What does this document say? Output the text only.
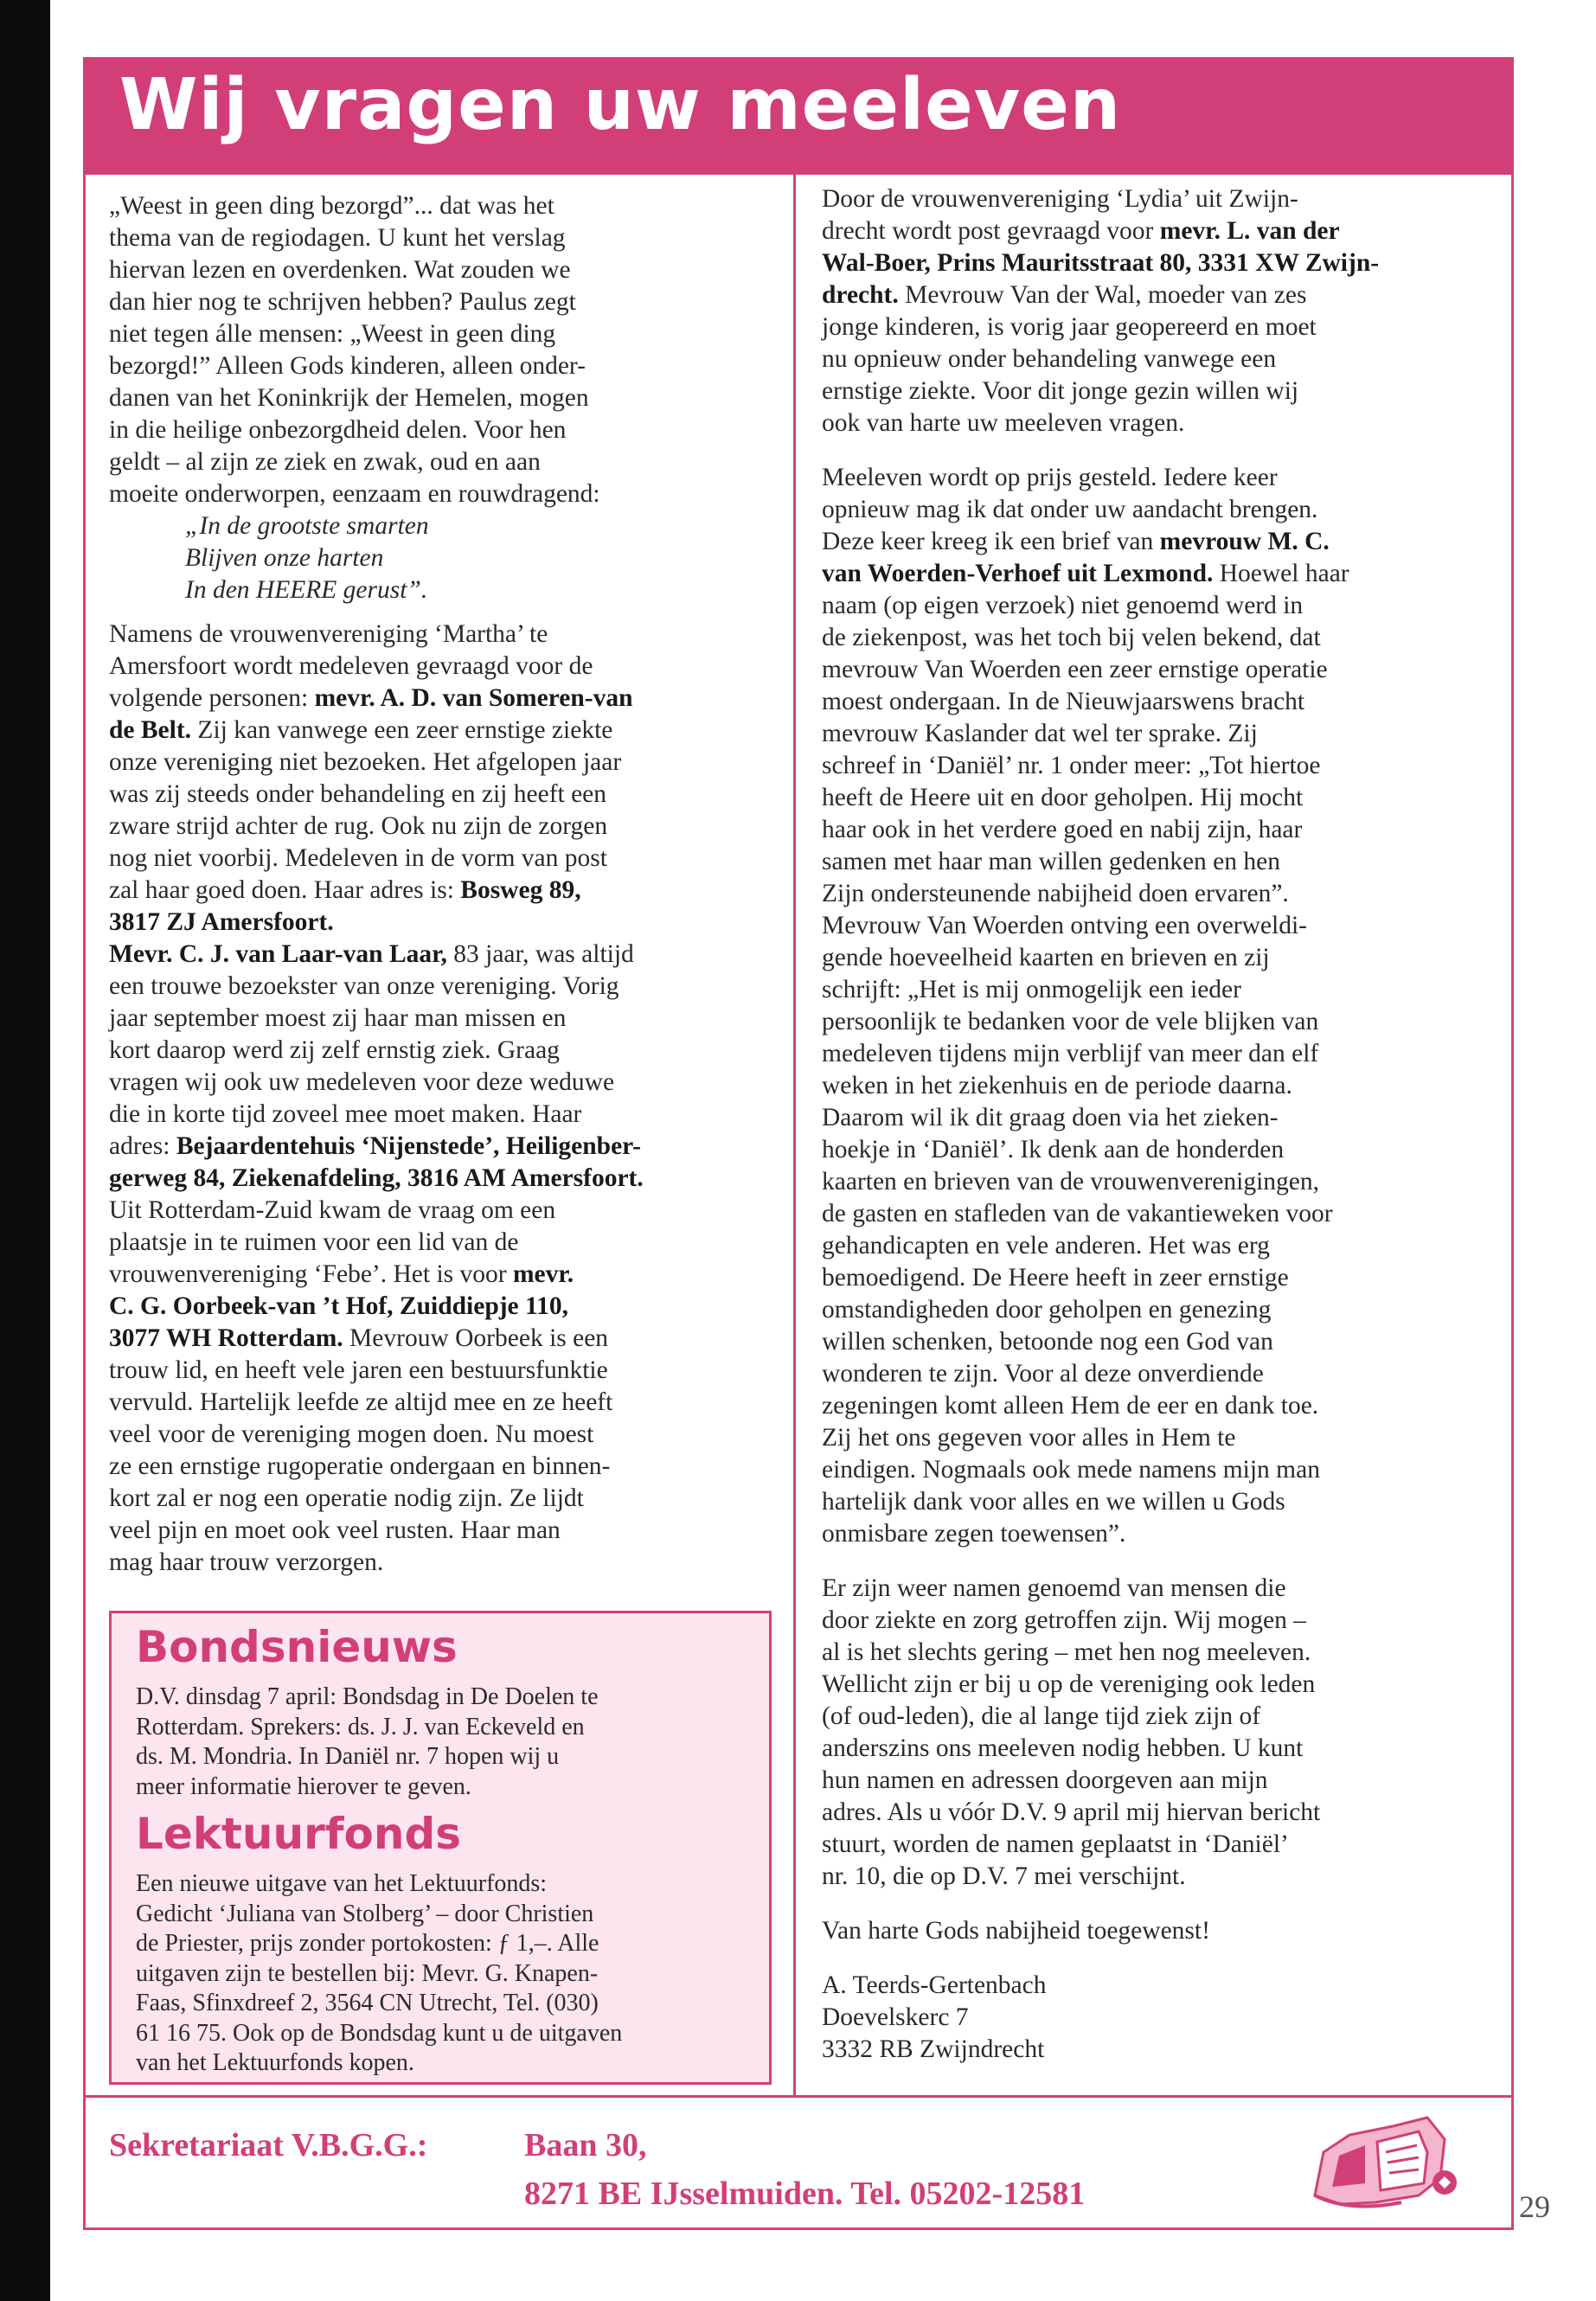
Wij vragen uw meeleven
„Weest in geen ding bezorgd”... dat was het
thema van de regiodagen. U kunt het verslag
hiervan lezen en overdenken. Wat zouden we
dan hier nog te schrijven hebben? Paulus zegt
niet tegen álle mensen: „Weest in geen ding
bezorgd!” Alleen Gods kinderen, alleen onder-
danen van het Koninkrijk der Hemelen, mogen
in die heilige onbezorgdheid delen. Voor hen
geldt – al zijn ze ziek en zwak, oud en aan
moeite onderworpen, eenzaam en rouwdragend:
„In de grootste smarten
Blijven onze harten
In den HEERE gerust”.
Namens de vrouwenvereniging ‘Martha’ te
Amersfoort wordt medeleven gevraagd voor de
volgende personen: mevr. A. D. van Someren-van
de Belt. Zij kan vanwege een zeer ernstige ziekte
onze vereniging niet bezoeken. Het afgelopen jaar
was zij steeds onder behandeling en zij heeft een
zware strijd achter de rug. Ook nu zijn de zorgen
nog niet voorbij. Medeleven in de vorm van post
zal haar goed doen. Haar adres is: Bosweg 89,
3817 ZJ Amersfoort.
Mevr. C. J. van Laar-van Laar, 83 jaar, was altijd
een trouwe bezoekster van onze vereniging. Vorig
jaar september moest zij haar man missen en
kort daarop werd zij zelf ernstig ziek. Graag
vragen wij ook uw medeleven voor deze weduwe
die in korte tijd zoveel mee moet maken. Haar
adres: Bejaardentehuis ‘Nijenstede’, Heiligenber-
gerweg 84, Ziekenafdeling, 3816 AM Amersfoort.
Uit Rotterdam-Zuid kwam de vraag om een
plaatsje in te ruimen voor een lid van de
vrouwenvereniging ‘Febe’. Het is voor mevr.
C. G. Oorbeek-van ’t Hof, Zuiddiepje 110,
3077 WH Rotterdam. Mevrouw Oorbeek is een
trouw lid, en heeft vele jaren een bestuursfunktie
vervuld. Hartelijk leefde ze altijd mee en ze heeft
veel voor de vereniging mogen doen. Nu moest
ze een ernstige rugoperatie ondergaan en binnen-
kort zal er nog een operatie nodig zijn. Ze lijdt
veel pijn en moet ook veel rusten. Haar man
mag haar trouw verzorgen.
Bondsnieuws
D.V. dinsdag 7 april: Bondsdag in De Doelen te
Rotterdam. Sprekers: ds. J. J. van Eckeveld en
ds. M. Mondria. In Daniël nr. 7 hopen wij u
meer informatie hierover te geven.
Lektuurfonds
Een nieuwe uitgave van het Lektuurfonds:
Gedicht ‘Juliana van Stolberg’ – door Christien
de Priester, prijs zonder portokosten: ƒ 1,–. Alle
uitgaven zijn te bestellen bij: Mevr. G. Knapen-
Faas, Sfinxdreef 2, 3564 CN Utrecht, Tel. (030)
61 16 75. Ook op de Bondsdag kunt u de uitgaven
van het Lektuurfonds kopen.
Door de vrouwenvereniging ‘Lydia’ uit Zwijn-
drecht wordt post gevraagd voor mevr. L. van der
Wal-Boer, Prins Mauritsstraat 80, 3331 XW Zwijn-
drecht. Mevrouw Van der Wal, moeder van zes
jonge kinderen, is vorig jaar geopereerd en moet
nu opnieuw onder behandeling vanwege een
ernstige ziekte. Voor dit jonge gezin willen wij
ook van harte uw meeleven vragen.
Meeleven wordt op prijs gesteld. Iedere keer
opnieuw mag ik dat onder uw aandacht brengen.
Deze keer kreeg ik een brief van mevrouw M. C.
van Woerden-Verhoef uit Lexmond. Hoewel haar
naam (op eigen verzoek) niet genoemd werd in
de ziekenpost, was het toch bij velen bekend, dat
mevrouw Van Woerden een zeer ernstige operatie
moest ondergaan. In de Nieuwjaarswens bracht
mevrouw Kaslander dat wel ter sprake. Zij
schreef in ‘Daniël’ nr. 1 onder meer: „Tot hiertoe
heeft de Heere uit en door geholpen. Hij mocht
haar ook in het verdere goed en nabij zijn, haar
samen met haar man willen gedenken en hen
Zijn ondersteunende nabijheid doen ervaren”.
Mevrouw Van Woerden ontving een overweldi-
gende hoeveelheid kaarten en brieven en zij
schrijft: „Het is mij onmogelijk een ieder
persoonlijk te bedanken voor de vele blijken van
medeleven tijdens mijn verblijf van meer dan elf
weken in het ziekenhuis en de periode daarna.
Daarom wil ik dit graag doen via het zieken-
hoekje in ‘Daniël’. Ik denk aan de honderden
kaarten en brieven van de vrouwenverenigingen,
de gasten en stafleden van de vakantieweken voor
gehandicapten en vele anderen. Het was erg
bemoedigend. De Heere heeft in zeer ernstige
omstandigheden door geholpen en genezing
willen schenken, betoonde nog een God van
wonderen te zijn. Voor al deze onverdiende
zegeningen komt alleen Hem de eer en dank toe.
Zij het ons gegeven voor alles in Hem te
eindigen. Nogmaals ook mede namens mijn man
hartelijk dank voor alles en we willen u Gods
onmisbare zegen toewensen”.
Er zijn weer namen genoemd van mensen die
door ziekte en zorg getroffen zijn. Wij mogen –
al is het slechts gering – met hen nog meeleven.
Wellicht zijn er bij u op de vereniging ook leden
(of oud-leden), die al lange tijd ziek zijn of
anderszins ons meeleven nodig hebben. U kunt
hun namen en adressen doorgeven aan mijn
adres. Als u vóór D.V. 9 april mij hiervan bericht
stuurt, worden de namen geplaatst in ‘Daniël’
nr. 10, die op D.V. 7 mei verschijnt.
Van harte Gods nabijheid toegewenst!
A. Teerds-Gertenbach
Doevelskerc 7
3332 RB Zwijndrecht
Sekretariaat V.B.G.G.:	Baan 30,
8271 BE IJsselmuiden. Tel. 05202-12581	29
